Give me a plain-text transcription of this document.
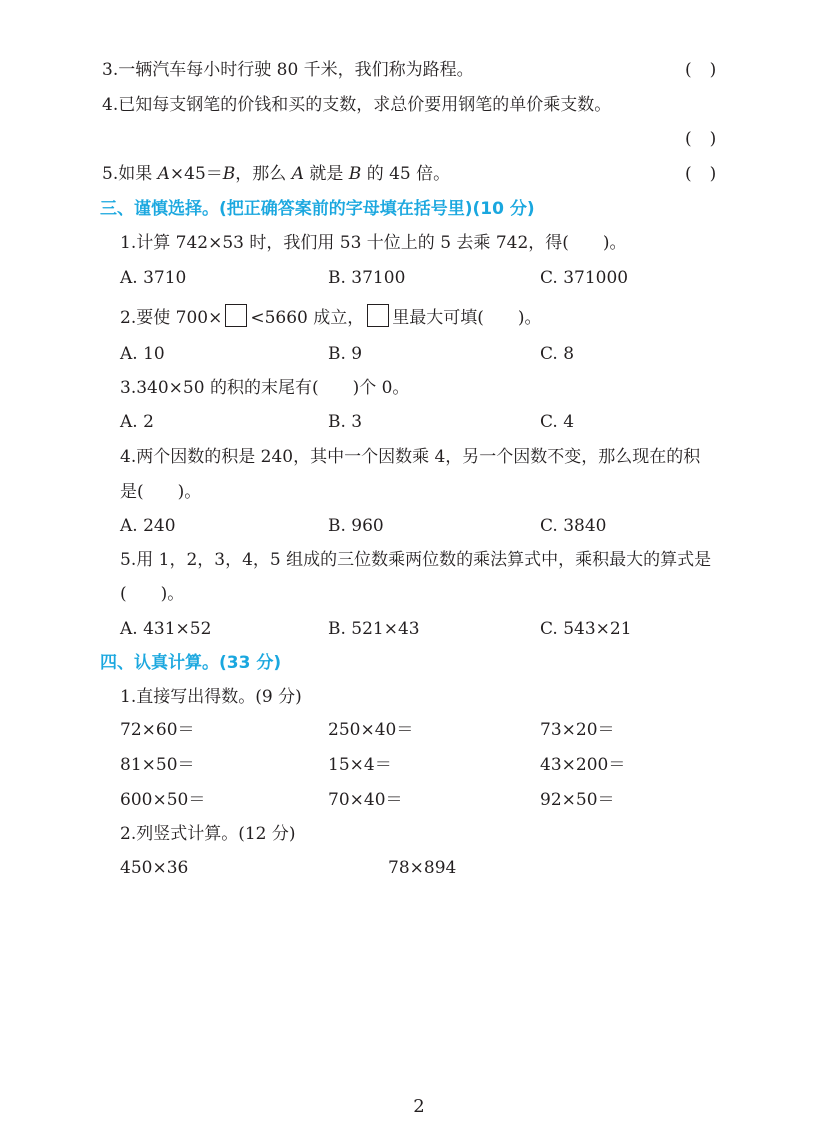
3.一辆汽车每小时行驶 80 千米，我们称为路程。	()
4.已知每支钢笔的价钱和买的支数，求总价要用钢笔的单价乘支数。
()
5.如果 A×45＝B，那么 A 就是 B 的 45 倍。	()
三、谨慎选择。(把正确答案前的字母填在括号里)(10 分)
1.计算 742×53 时，我们用 53 十位上的 5 去乘 742，得(　　)。
A. 3710	B. 37100	C. 371000
2.要使 700× <5660 成立， 里最大可填(　　)。
A. 10	B. 9	C. 8
3.340×50 的积的末尾有(　　)个 0。
A. 2	B. 3	C. 4
4.两个因数的积是 240，其中一个因数乘 4，另一个因数不变，那么现在的积
是(　　)。
A. 240	B. 960	C. 3840
5.用 1，2，3，4，5 组成的三位数乘两位数的乘法算式中，乘积最大的算式是
(　　)。
A. 431×52	B. 521×43	C. 543×21
四、认真计算。(33 分)
1.直接写出得数。(9 分)
72×60＝	250×40＝	73×20＝
81×50＝	15×4＝	43×200＝
600×50＝	70×40＝	92×50＝
2.列竖式计算。(12 分)
450×36	78×894
2
